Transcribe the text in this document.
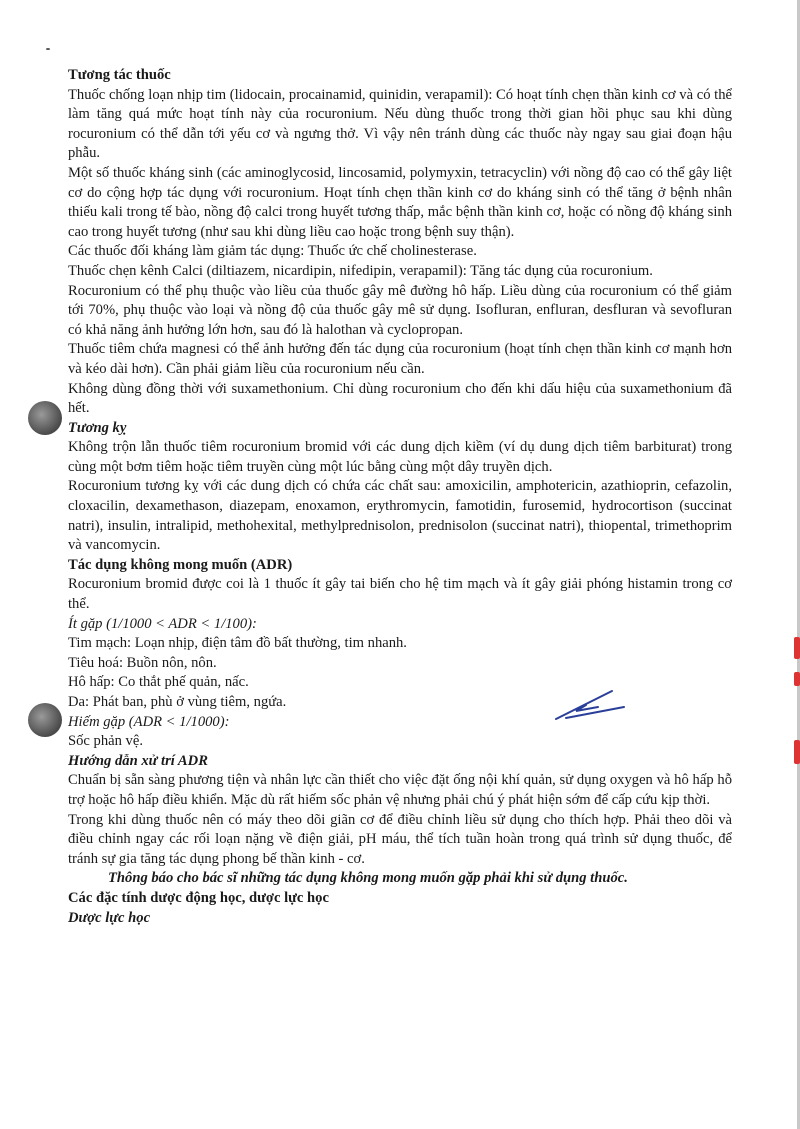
Tương tác thuốc
Thuốc chống loạn nhịp tim (lidocain, procainamid, quinidin, verapamil): Có hoạt tính chẹn thần kinh cơ và có thể làm tăng quá mức hoạt tính này của rocuronium. Nếu dùng thuốc trong thời gian hồi phục sau khi dùng rocuronium có thể dẫn tới yếu cơ và ngưng thở. Vì vậy nên tránh dùng các thuốc này ngay sau giai đoạn hậu phẫu.
Một số thuốc kháng sinh (các aminoglycosid, lincosamid, polymyxin, tetracyclin) với nồng độ cao có thể gây liệt cơ do cộng hợp tác dụng với rocuronium. Hoạt tính chẹn thần kinh cơ do kháng sinh có thể tăng ở bệnh nhân thiếu kali trong tế bào, nồng độ calci trong huyết tương thấp, mắc bệnh thần kinh cơ, hoặc có nồng độ kháng sinh cao trong huyết tương (như sau khi dùng liều cao hoặc trong bệnh suy thận).
Các thuốc đối kháng làm giảm tác dụng: Thuốc ức chế cholinesterase.
Thuốc chẹn kênh Calci (diltiazem, nicardipin, nifedipin, verapamil): Tăng tác dụng của rocuronium.
Rocuronium có thể phụ thuộc vào liều của thuốc gây mê đường hô hấp. Liều dùng của rocuronium có thể giảm tới 70%, phụ thuộc vào loại và nồng độ của thuốc gây mê sử dụng. Isofluran, enfluran, desfluran và sevofluran có khả năng ảnh hưởng lớn hơn, sau đó là halothan và cyclopropan.
Thuốc tiêm chứa magnesi có thể ảnh hưởng đến tác dụng của rocuronium (hoạt tính chẹn thần kinh cơ mạnh hơn và kéo dài hơn). Cần phải giảm liều của rocuronium nếu cần.
Không dùng đồng thời với suxamethonium. Chỉ dùng rocuronium cho đến khi dấu hiệu của suxamethonium đã hết.
Tương kỵ
Không trộn lẫn thuốc tiêm rocuronium bromid với các dung dịch kiềm (ví dụ dung dịch tiêm barbiturat) trong cùng một bơm tiêm hoặc tiêm truyền cùng một lúc bằng cùng một dây truyền dịch.
Rocuronium tương kỵ với các dung dịch có chứa các chất sau: amoxicilin, amphotericin, azathioprin, cefazolin, cloxacilin, dexamethason, diazepam, enoxamon, erythromycin, famotidin, furosemid, hydrocortison (succinat natri), insulin, intralipid, methohexital, methylprednisolon, prednisolon (succinat natri), thiopental, trimethoprim và vancomycin.
Tác dụng không mong muốn (ADR)
Rocuronium bromid được coi là 1 thuốc ít gây tai biến cho hệ tim mạch và ít gây giải phóng histamin trong cơ thể.
Ít gặp (1/1000 < ADR < 1/100):
Tim mạch: Loạn nhịp, điện tâm đồ bất thường, tim nhanh.
Tiêu hoá: Buồn nôn, nôn.
Hô hấp: Co thắt phế quản, nấc.
Da: Phát ban, phù ở vùng tiêm, ngứa.
Hiếm gặp (ADR < 1/1000):
Sốc phản vệ.
Hướng dẫn xử trí ADR
Chuẩn bị sẵn sàng phương tiện và nhân lực cần thiết cho việc đặt ống nội khí quản, sử dụng oxygen và hô hấp hỗ trợ hoặc hô hấp điều khiển. Mặc dù rất hiếm sốc phản vệ nhưng phải chú ý phát hiện sớm để cấp cứu kịp thời.
Trong khi dùng thuốc nên có máy theo dõi giãn cơ để điều chỉnh liều sử dụng cho thích hợp. Phải theo dõi và điều chỉnh ngay các rối loạn nặng về điện giải, pH máu, thể tích tuần hoàn trong quá trình sử dụng thuốc, để tránh sự gia tăng tác dụng phong bế thần kinh - cơ.
Thông báo cho bác sĩ những tác dụng không mong muốn gặp phải khi sử dụng thuốc.
Các đặc tính dược động học, dược lực học
Dược lực học
